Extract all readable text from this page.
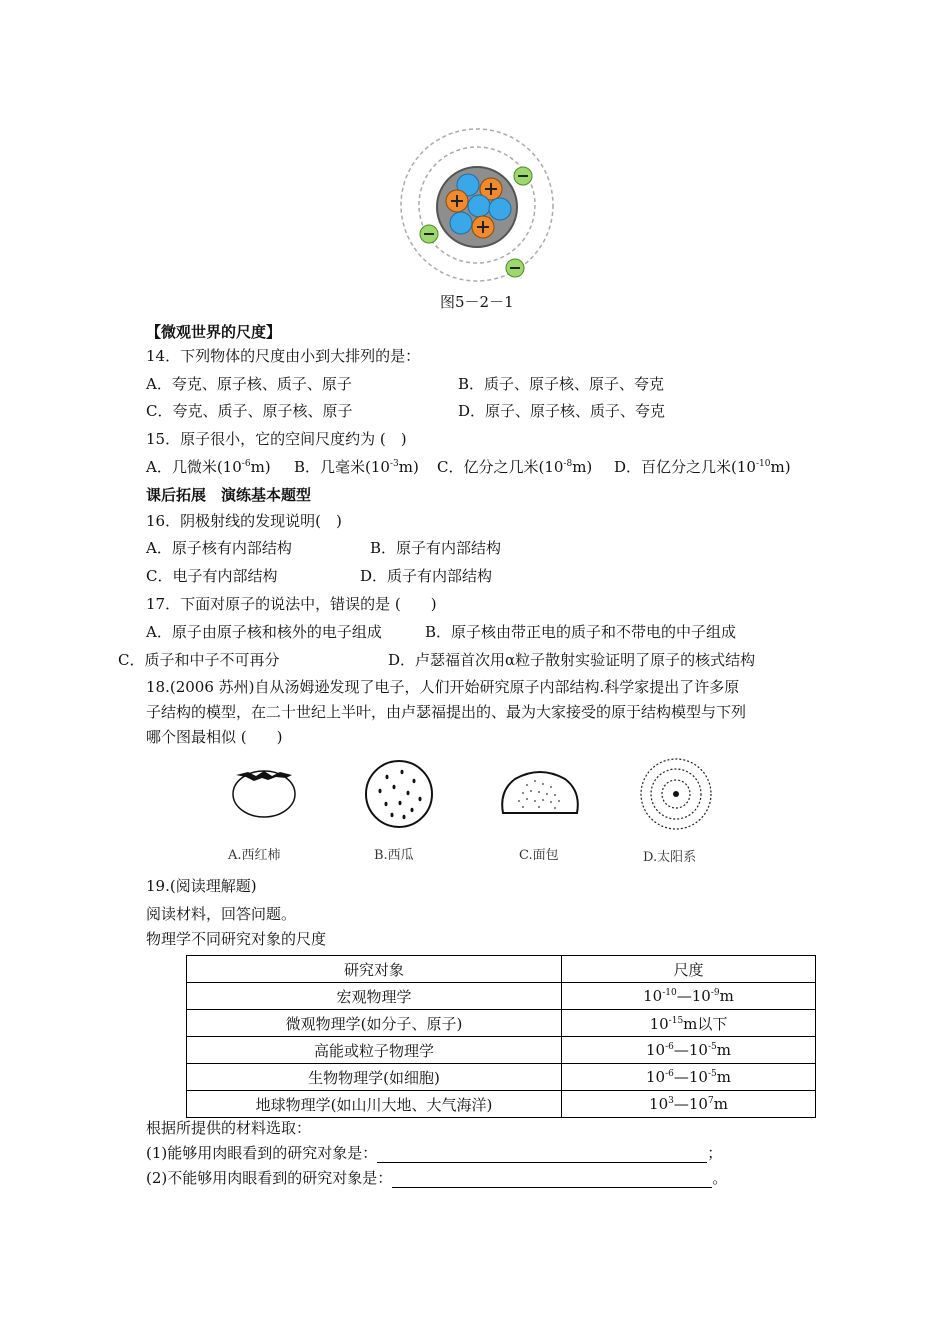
图5－2－1
【微观世界的尺度】
14．下列物体的尺度由小到大排列的是：
A．夸克、原子核、质子、原子	B．质子、原子核、原子、夸克
C．夸克、质子、原子核、原子	D．原子、原子核、质子、夸克
15．原子很小，它的空间尺度约为 (　)
A．几微米$(10^{-6}m)$ B．几毫米$(10^{-3}m)$ C．亿分之几米$(10^{-8}m)$ D．百亿分之几米$(10^{-10}m)$
课后拓展　演练基本题型
16．阴极射线的发现说明(　)
A．原子核有内部结构	B．原子有内部结构
C．电子有内部结构	D．质子有内部结构
17．下面对原子的说法中，错误的是 (　　)
A．原子由原子核和核外的电子组成	B．原子核由带正电的质子和不带电的中子组成
C．质子和中子不可再分	D．卢瑟福首次用α粒子散射实验证明了原子的核式结构
18.(2006 苏州)自从汤姆逊发现了电子，人们开始研究原子内部结构.科学家提出了许多原
子结构的模型，在二十世纪上半叶，由卢瑟福提出的、最为大家接受的原于结构模型与下列
哪个图最相似 (　　)
A.西红柿	B.西瓜	C.面包	D.太阳系
19.(阅读理解题)
阅读材料，回答问题。
物理学不同研究对象的尺度
研究对象	尺度
宏观物理学	$10^{-10}—10^{-9}m$
微观物理学(如分子、原子)	$10^{-15}m$以下
高能或粒子物理学	$10^{-6}—10^{-5}m$
生物物理学(如细胞)	$10^{-6}—10^{-5}m$
地球物理学(如山川大地、大气海洋)	$10^3—10^7m$
根据所提供的材料选取：
(1)能够用肉眼看到的研究对象是：	；
(2)不能够用肉眼看到的研究对象是：	。
